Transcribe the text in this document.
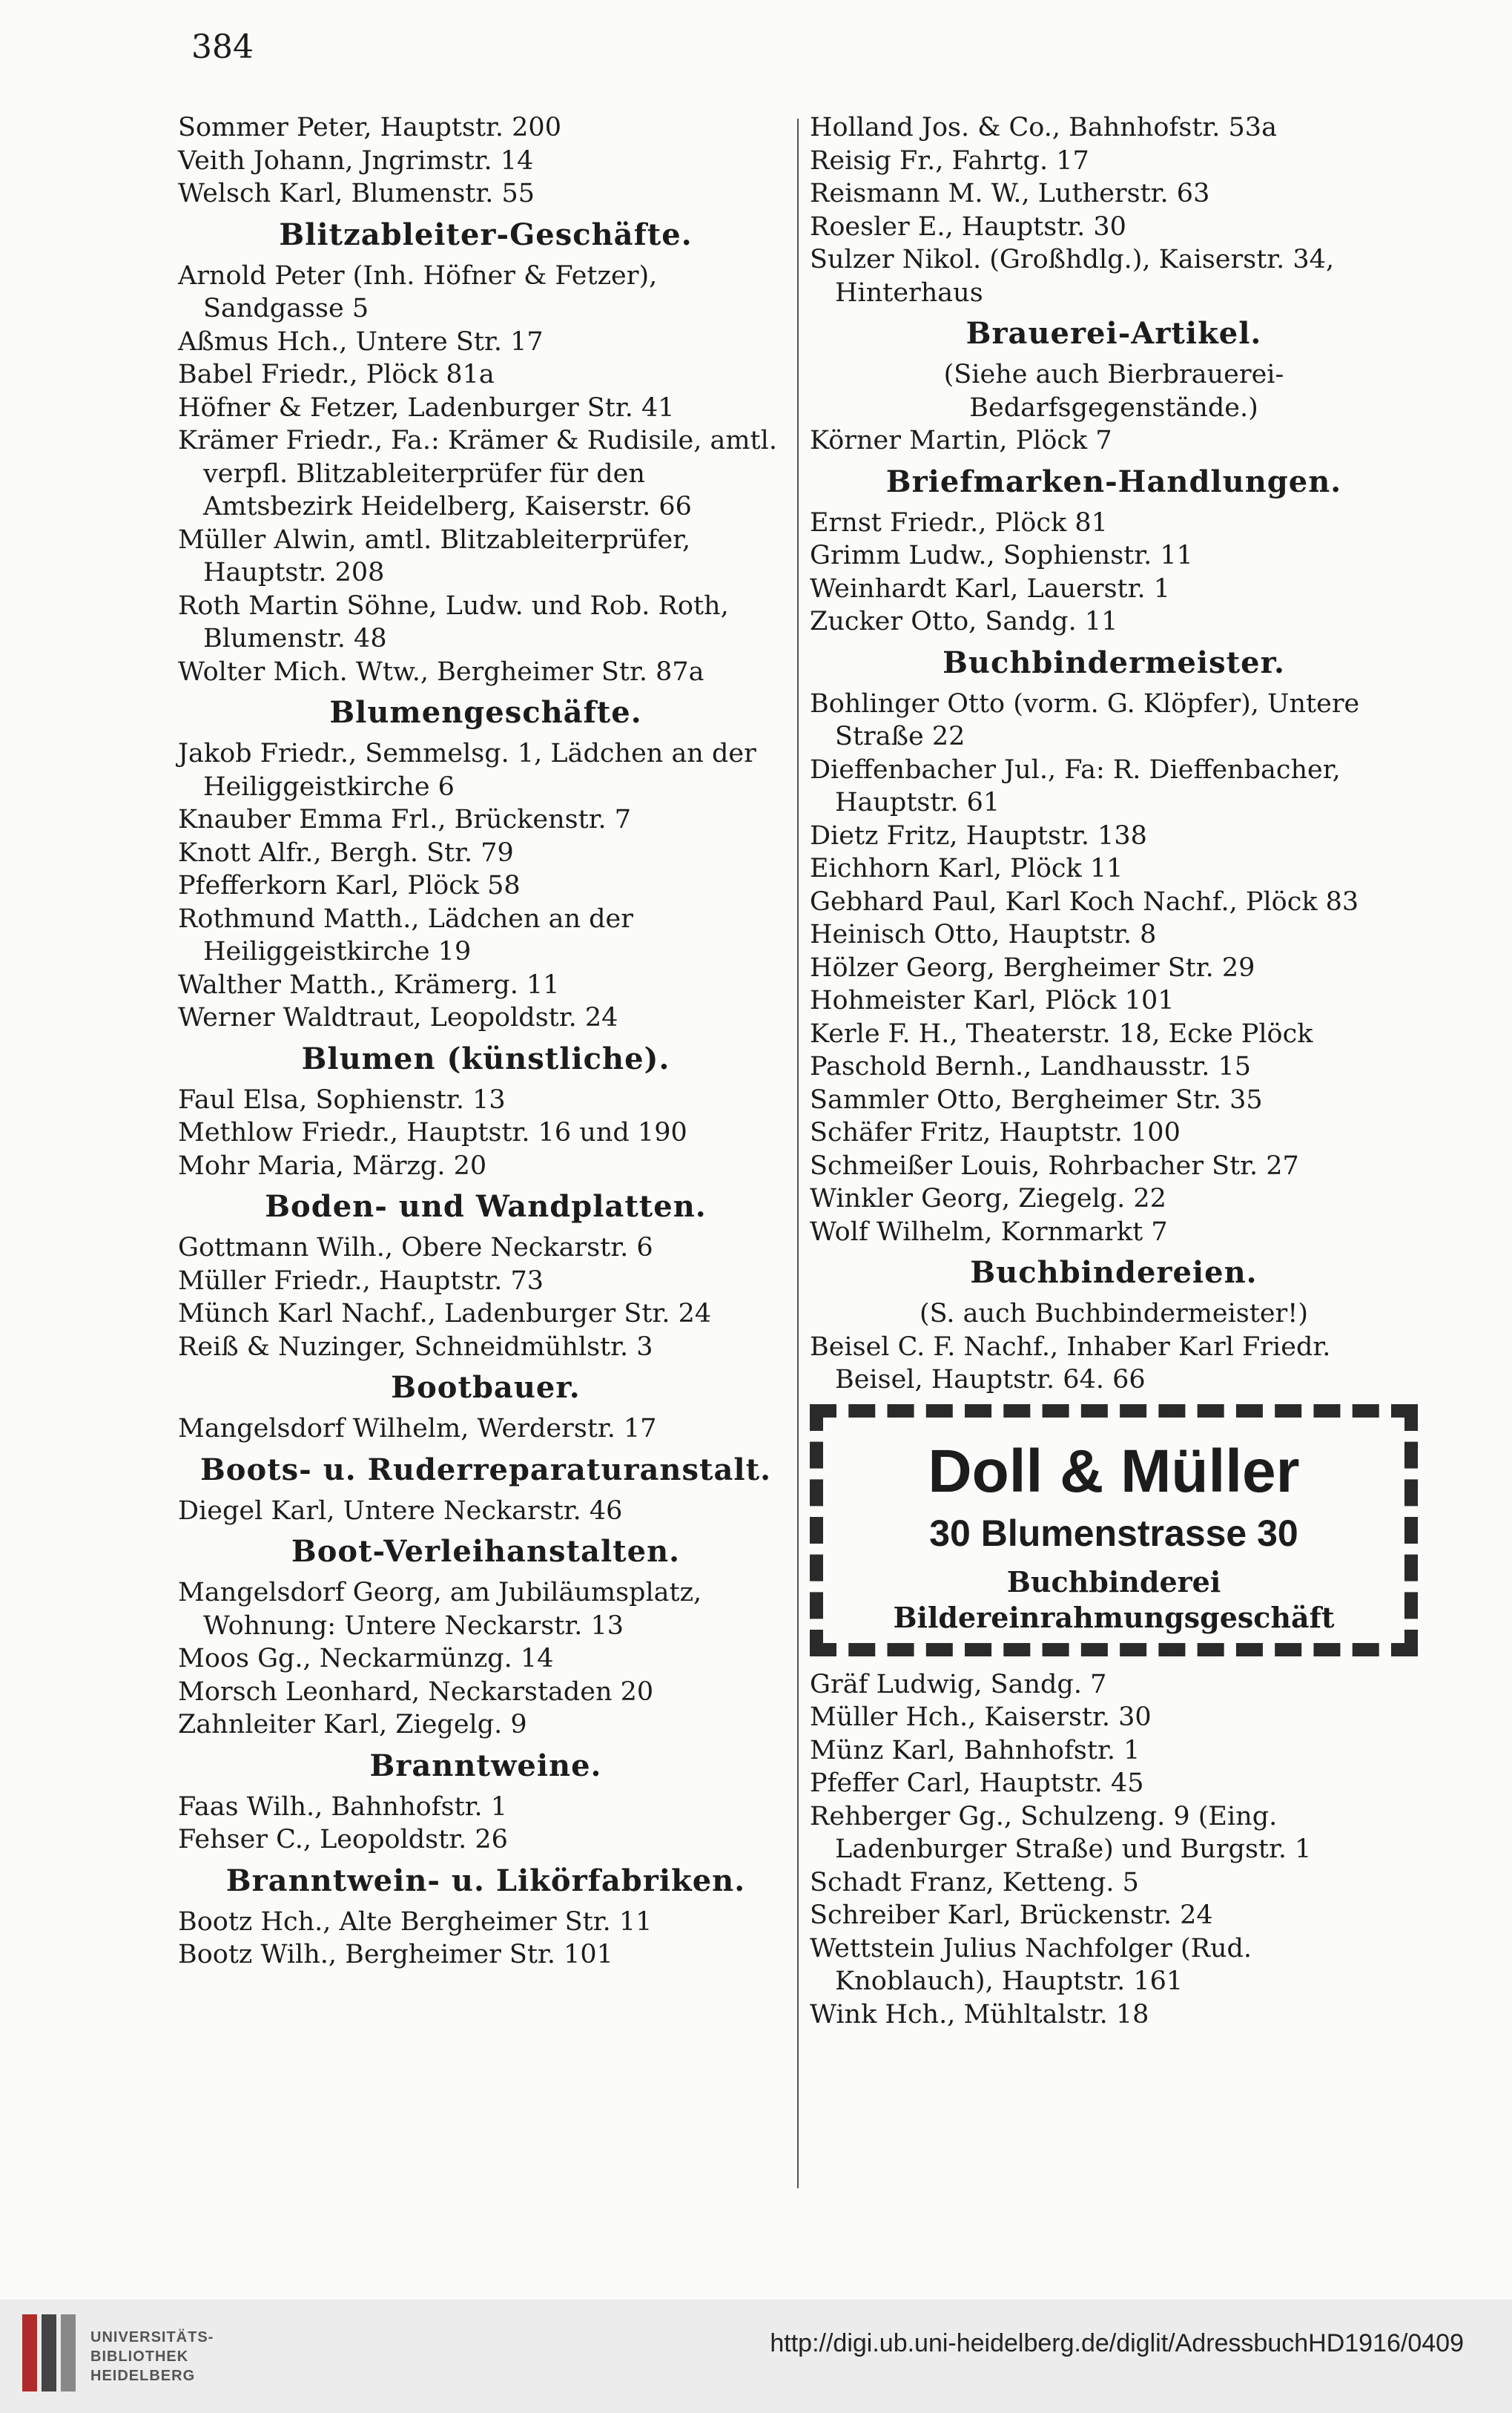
384
Sommer Peter, Hauptstr. 200
Veith Johann, Jngrimstr. 14
Welsch Karl, Blumenstr. 55
Blitzableiter-Geschäfte.
Arnold Peter (Inh. Höfner & Fetzer), Sandgasse 5
Aßmus Hch., Untere Str. 17
Babel Friedr., Plöck 81a
Höfner & Fetzer, Ladenburger Str. 41
Krämer Friedr., Fa.: Krämer & Rudisile, amtl. verpfl. Blitzableiterprüfer für den Amtsbezirk Heidelberg, Kaiserstr. 66
Müller Alwin, amtl. Blitzableiterprüfer, Hauptstr. 208
Roth Martin Söhne, Ludw. und Rob. Roth, Blumenstr. 48
Wolter Mich. Wtw., Bergheimer Str. 87a
Blumengeschäfte.
Jakob Friedr., Semmelsg. 1, Lädchen an der Heiliggeistkirche 6
Knauber Emma Frl., Brückenstr. 7
Knott Alfr., Bergh. Str. 79
Pfefferkorn Karl, Plöck 58
Rothmund Matth., Lädchen an der Heiliggeistkirche 19
Walther Matth., Krämerg. 11
Werner Waldtraut, Leopoldstr. 24
Blumen (künstliche).
Faul Elsa, Sophienstr. 13
Methlow Friedr., Hauptstr. 16 und 190
Mohr Maria, Märzg. 20
Boden- und Wandplatten.
Gottmann Wilh., Obere Neckarstr. 6
Müller Friedr., Hauptstr. 73
Münch Karl Nachf., Ladenburger Str. 24
Reiß & Nuzinger, Schneidmühlstr. 3
Bootbauer.
Mangelsdorf Wilhelm, Werderstr. 17
Boots- u. Ruderreparaturanstalt.
Diegel Karl, Untere Neckarstr. 46
Boot-Verleihanstalten.
Mangelsdorf Georg, am Jubiläumsplatz, Wohnung: Untere Neckarstr. 13
Moos Gg., Neckarmünzg. 14
Morsch Leonhard, Neckarstaden 20
Zahnleiter Karl, Ziegelg. 9
Branntweine.
Faas Wilh., Bahnhofstr. 1
Fehser C., Leopoldstr. 26
Branntwein- u. Likörfabriken.
Bootz Hch., Alte Bergheimer Str. 11
Bootz Wilh., Bergheimer Str. 101
Holland Jos. & Co., Bahnhofstr. 53a
Reisig Fr., Fahrtg. 17
Reismann M. W., Lutherstr. 63
Roesler E., Hauptstr. 30
Sulzer Nikol. (Großhdlg.), Kaiserstr. 34, Hinterhaus
Brauerei-Artikel.
(Siehe auch Bierbrauerei-Bedarfsgegenstände.)
Körner Martin, Plöck 7
Briefmarken-Handlungen.
Ernst Friedr., Plöck 81
Grimm Ludw., Sophienstr. 11
Weinhardt Karl, Lauerstr. 1
Zucker Otto, Sandg. 11
Buchbindermeister.
Bohlinger Otto (vorm. G. Klöpfer), Untere Straße 22
Dieffenbacher Jul., Fa: R. Dieffenbacher, Hauptstr. 61
Dietz Fritz, Hauptstr. 138
Eichhorn Karl, Plöck 11
Gebhard Paul, Karl Koch Nachf., Plöck 83
Heinisch Otto, Hauptstr. 8
Hölzer Georg, Bergheimer Str. 29
Hohmeister Karl, Plöck 101
Kerle F. H., Theaterstr. 18, Ecke Plöck
Paschold Bernh., Landhausstr. 15
Sammler Otto, Bergheimer Str. 35
Schäfer Fritz, Hauptstr. 100
Schmeißer Louis, Rohrbacher Str. 27
Winkler Georg, Ziegelg. 22
Wolf Wilhelm, Kornmarkt 7
Buchbindereien.
(S. auch Buchbindermeister!)
Beisel C. F. Nachf., Inhaber Karl Friedr. Beisel, Hauptstr. 64. 66
Doll & Müller
30 Blumenstrasse 30
Buchbinderei
Bildereinrahmungsgeschäft
Gräf Ludwig, Sandg. 7
Müller Hch., Kaiserstr. 30
Münz Karl, Bahnhofstr. 1
Pfeffer Carl, Hauptstr. 45
Rehberger Gg., Schulzeng. 9 (Eing. Ladenburger Straße) und Burgstr. 1
Schadt Franz, Ketteng. 5
Schreiber Karl, Brückenstr. 24
Wettstein Julius Nachfolger (Rud. Knoblauch), Hauptstr. 161
Wink Hch., Mühltalstr. 18
UNIVERSITÄTS-
BIBLIOTHEK
HEIDELBERG
http://digi.ub.uni-heidelberg.de/diglit/AdressbuchHD1916/0409
